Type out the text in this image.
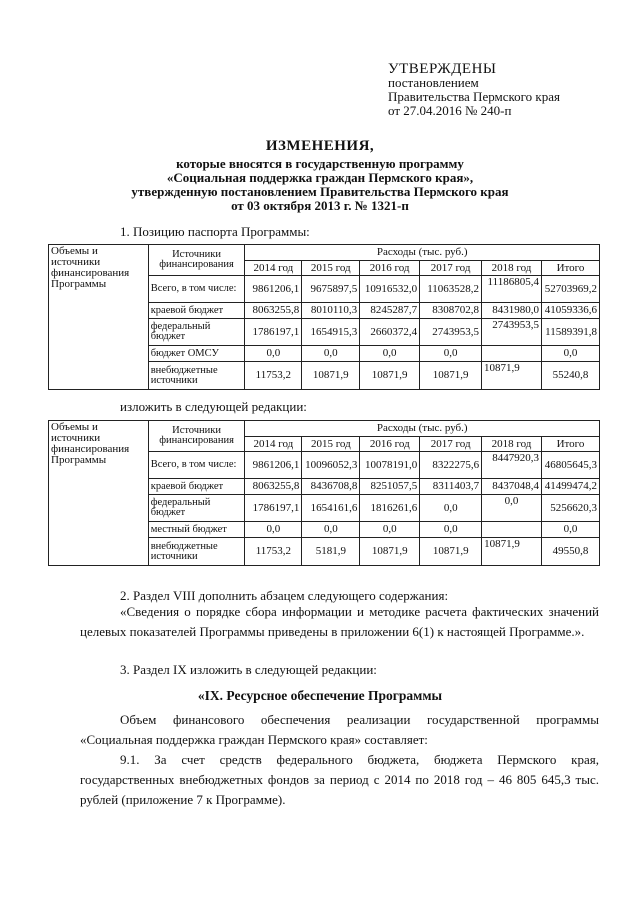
УТВЕРЖДЕНЫ
постановлением
Правительства Пермского края
от 27.04.2016 № 240-п
ИЗМЕНЕНИЯ,
которые вносятся в государственную программу
«Социальная поддержка граждан Пермского края»,
утвержденную постановлением Правительства Пермского края
от 03 октября 2013 г. № 1321-п
1. Позицию паспорта Программы:
Объемы и источники финансирования Программы	Источники финансирования	Расходы (тыс. руб.)					
		2014 год	2015 год	2016 год	2017 год	2018 год	Итого
	Всего, в том числе:	9861206,1	9675897,5	10916532,0	11063528,2	11186805,4	52703969,2
	краевой бюджет	8063255,8	8010110,3	8245287,7	8308702,8	8431980,0	41059336,6
	федеральный бюджет	1786197,1	1654915,3	2660372,4	2743953,5	2743953,5	11589391,8
	бюджет ОМСУ	0,0	0,0	0,0	0,0		0,0
	внебюджетные источники	11753,2	10871,9	10871,9	10871,9	10871,9	55240,8
изложить в следующей редакции:
Объемы и источники финансирования Программы	Источники финансирования	Расходы (тыс. руб.)					
		2014 год	2015 год	2016 год	2017 год	2018 год	Итого
	Всего, в том числе:	9861206,1	10096052,3	10078191,0	8322275,6	8447920,3	46805645,3
	краевой бюджет	8063255,8	8436708,8	8251057,5	8311403,7	8437048,4	41499474,2
	федеральный бюджет	1786197,1	1654161,6	1816261,6	0,0	0,0	5256620,3
	местный бюджет	0,0	0,0	0,0	0,0		0,0
	внебюджетные источники	11753,2	5181,9	10871,9	10871,9	10871,9	49550,8
2. Раздел VIII дополнить абзацем следующего содержания:
«Сведения о порядке сбора информации и методике расчета фактических значений целевых показателей Программы приведены в приложении 6(1) к настоящей Программе.».
3. Раздел IX изложить в следующей редакции:
«IX. Ресурсное обеспечение Программы
Объем финансового обеспечения реализации государственной программы «Социальная поддержка граждан Пермского края» составляет:
9.1. За счет средств федерального бюджета, бюджета Пермского края, государственных внебюджетных фондов за период с 2014 по 2018 год – 46 805 645,3 тыс. рублей (приложение 7 к Программе).
